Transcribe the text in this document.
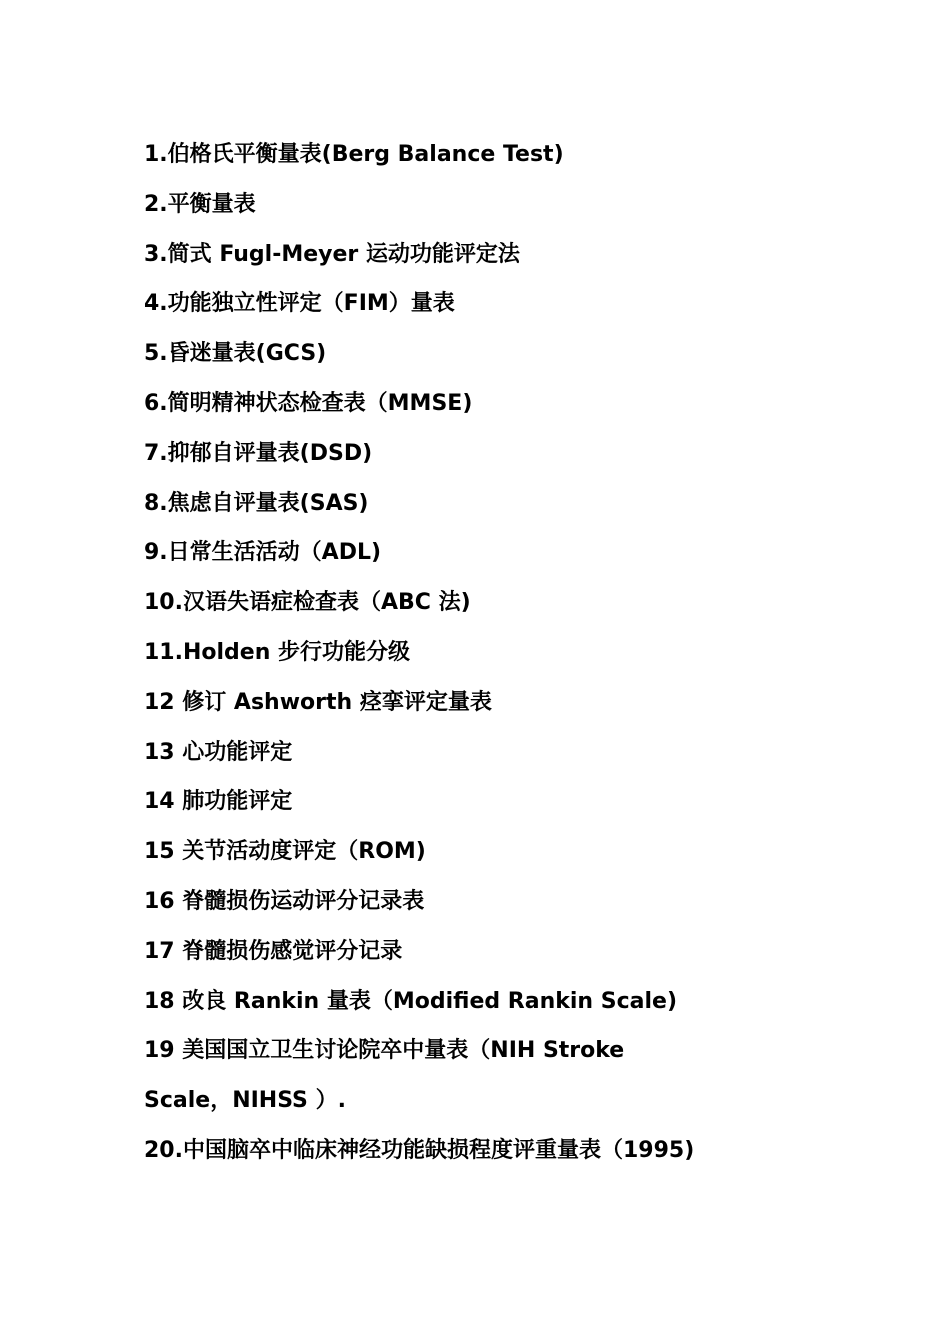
1.伯格氏平衡量表(Berg Balance Test)
2.平衡量表
3.简式 Fugl-Meyer 运动功能评定法
4.功能独立性评定（FIM）量表
5.昏迷量表(GCS)
6.简明精神状态检查表（MMSE)
7.抑郁自评量表(DSD)
8.焦虑自评量表(SAS)
9.日常生活活动（ADL)
10.汉语失语症检查表（ABC 法)
11.Holden 步行功能分级
12 修订 Ashworth 痉挛评定量表
13 心功能评定
14 肺功能评定
15 关节活动度评定（ROM)
16 脊髓损伤运动评分记录表
17 脊髓损伤感觉评分记录
18 改良 Rankin 量表（Modified Rankin Scale)
19 美国国立卫生讨论院卒中量表（NIH Stroke
Scale，NIHSS ）.
20.中国脑卒中临床神经功能缺损程度评重量表（1995)
